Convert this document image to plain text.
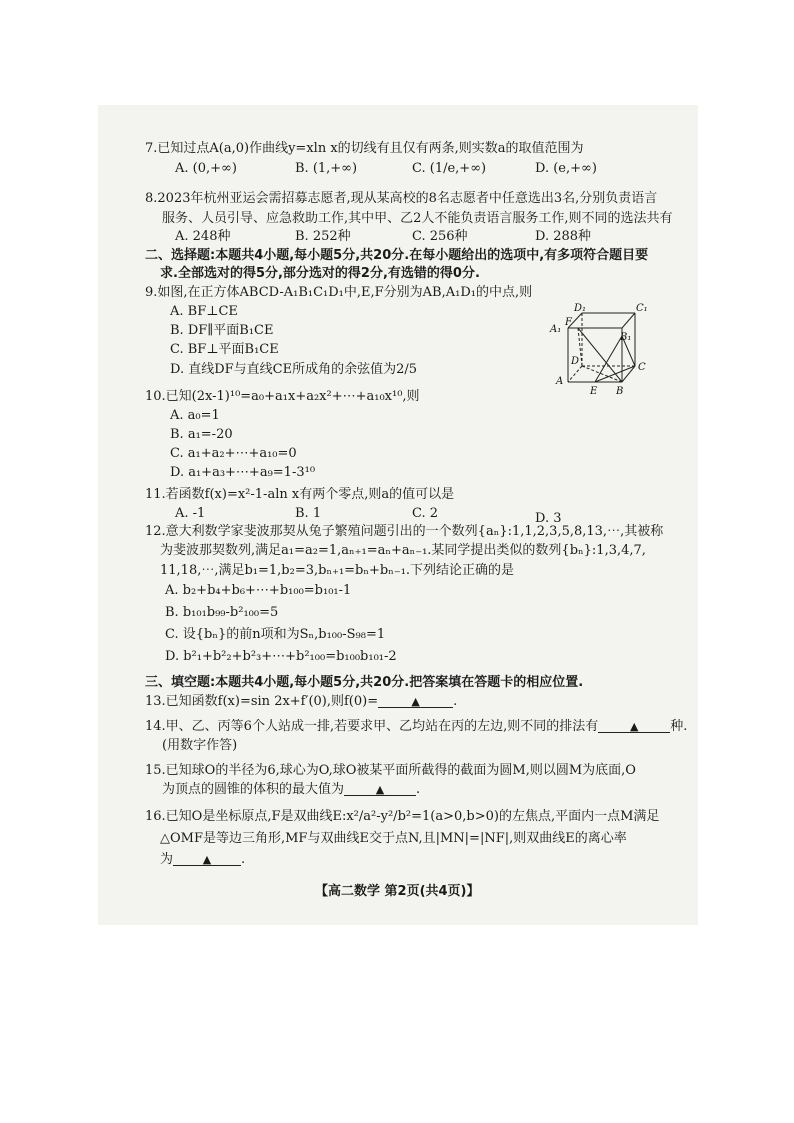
7.已知过点A(a,0)作曲线y=xln x的切线有且仅有两条,则实数a的取值范围为
A. (0,+∞)	B. (1,+∞)	C. (1/e,+∞)	D. (e,+∞)
8.2023年杭州亚运会需招募志愿者,现从某高校的8名志愿者中任意选出3名,分别负责语言
服务、人员引导、应急救助工作,其中甲、乙2人不能负责语言服务工作,则不同的选法共有
A. 248种	B. 252种	C. 256种	D. 288种
二、选择题:本题共4小题,每小题5分,共20分.在每小题给出的选项中,有多项符合题目要
求.全部选对的得5分,部分选对的得2分,有选错的得0分.
9.如图,在正方体ABCD-A₁B₁C₁D₁中,E,F分别为AB,A₁D₁的中点,则
A. BF⊥CE
B. DF∥平面B₁CE
C. BF⊥平面B₁CE
D. 直线DF与直线CE所成角的余弦值为2/5
D₁	C₁
A₁
F
B₁
D
C
A
E B
10.已知(2x-1)¹⁰=a₀+a₁x+a₂x²+⋯+a₁₀x¹⁰,则
A. a₀=1
B. a₁=-20
C. a₁+a₂+⋯+a₁₀=0
D. a₁+a₃+⋯+a₉=1-3¹⁰
11.若函数f(x)=x²-1-aln x有两个零点,则a的值可以是
A. -1	B. 1	C. 2	D. 3
12.意大利数学家斐波那契从兔子繁殖问题引出的一个数列{aₙ}:1,1,2,3,5,8,13,⋯,其被称
为斐波那契数列,满足a₁=a₂=1,aₙ₊₁=aₙ+aₙ₋₁.某同学提出类似的数列{bₙ}:1,3,4,7,
11,18,⋯,满足b₁=1,b₂=3,bₙ₊₁=bₙ+bₙ₋₁.下列结论正确的是
A. b₂+b₄+b₆+⋯+b₁₀₀=b₁₀₁-1
B. b₁₀₁b₉₉-b²₁₀₀=5
C. 设{bₙ}的前n项和为Sₙ,b₁₀₀-S₉₈=1
D. b²₁+b²₂+b²₃+⋯+b²₁₀₀=b₁₀₀b₁₀₁-2
三、填空题:本题共4小题,每小题5分,共20分.把答案填在答题卡的相应位置.
13.已知函数f(x)=sin 2x+f′(0),则f(0)=	▲	.
14.甲、乙、丙等6个人站成一排,若要求甲、乙均站在丙的左边,则不同的排法有	▲ 种.
(用数字作答)
15.已知球O的半径为6,球心为O,球O被某平面所截得的截面为圆M,则以圆M为底面,O
为顶点的圆锥的体积的最大值为	▲ .
16.已知O是坐标原点,F是双曲线E:x²/a²-y²/b²=1(a>0,b>0)的左焦点,平面内一点M满足
△OMF是等边三角形,MF与双曲线E交于点N,且|MN|=|NF|,则双曲线E的离心率
为	▲ .
【高二数学 第2页(共4页)】
